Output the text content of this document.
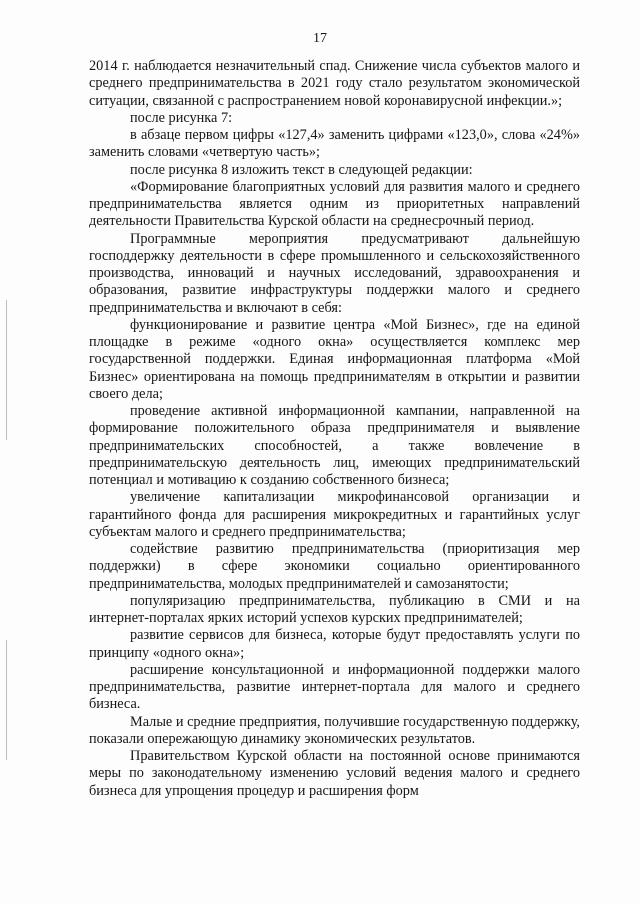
17

2014 г. наблюдается незначительный спад. Снижение числа субъектов малого и среднего предпринимательства в 2021 году стало результатом экономической ситуации, связанной с распространением новой коронавирусной инфекции.»;

после рисунка 7:

в абзаце первом цифры «127,4» заменить цифрами «123,0», слова «24%» заменить словами «четвертую часть»;

после рисунка 8 изложить текст в следующей редакции:

«Формирование благоприятных условий для развития малого и среднего предпринимательства является одним из приоритетных направлений деятельности Правительства Курской области на среднесрочный период.

Программные мероприятия предусматривают дальнейшую господдержку деятельности в сфере промышленного и сельскохозяйственного производства, инноваций и научных исследований, здравоохранения и образования, развитие инфраструктуры поддержки малого и среднего предпринимательства и включают в себя:

функционирование и развитие центра «Мой Бизнес», где на единой площадке в режиме «одного окна» осуществляется комплекс мер государственной поддержки. Единая информационная платформа «Мой Бизнес» ориентирована на помощь предпринимателям в открытии и развитии своего дела;

проведение активной информационной кампании, направленной на формирование положительного образа предпринимателя и выявление предпринимательских способностей, а также вовлечение в предпринимательскую деятельность лиц, имеющих предпринимательский потенциал и мотивацию к созданию собственного бизнеса;

увеличение капитализации микрофинансовой организации и гарантийного фонда для расширения микрокредитных и гарантийных услуг субъектам малого и среднего предпринимательства;

содействие развитию предпринимательства (приоритизация мер поддержки) в сфере экономики социально ориентированного предпринимательства, молодых предпринимателей и самозанятости;

популяризацию предпринимательства, публикацию в СМИ и на интернет-порталах ярких историй успехов курских предпринимателей;

развитие сервисов для бизнеса, которые будут предоставлять услуги по принципу «одного окна»;

расширение консультационной и информационной поддержки малого предпринимательства, развитие интернет-портала для малого и среднего бизнеса.

Малые и средние предприятия, получившие государственную поддержку, показали опережающую динамику экономических результатов.

Правительством Курской области на постоянной основе принимаются меры по законодательному изменению условий ведения малого и среднего бизнеса для упрощения процедур и расширения форм
